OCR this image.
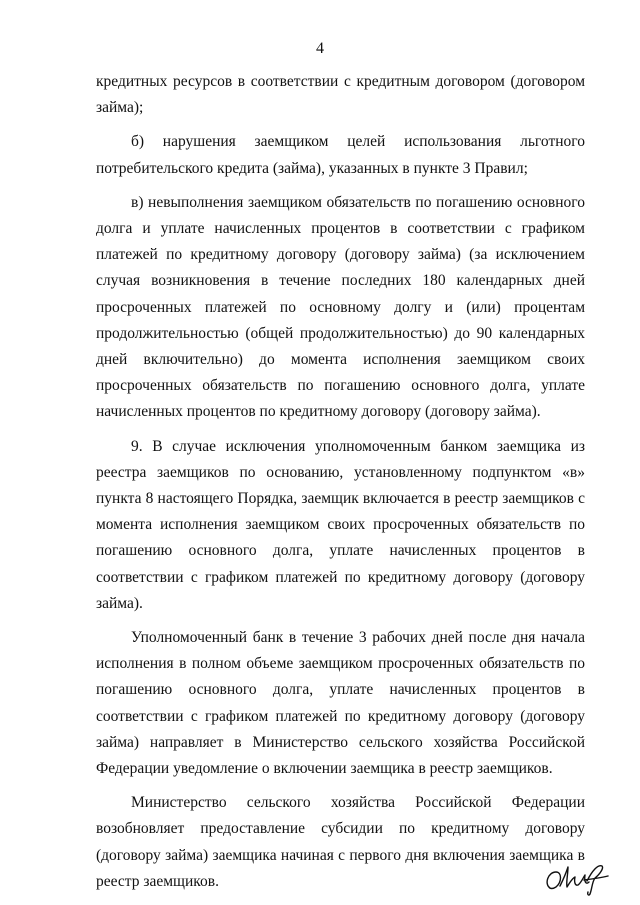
4

кредитных ресурсов в соответствии с кредитным договором (договором займа);

б) нарушения заемщиком целей использования льготного потребительского кредита (займа), указанных в пункте 3 Правил;

в) невыполнения заемщиком обязательств по погашению основного долга и уплате начисленных процентов в соответствии с графиком платежей по кредитному договору (договору займа) (за исключением случая возникновения в течение последних 180 календарных дней просроченных платежей по основному долгу и (или) процентам продолжительностью (общей продолжительностью) до 90 календарных дней включительно) до момента исполнения заемщиком своих просроченных обязательств по погашению основного долга, уплате начисленных процентов по кредитному договору (договору займа).

9. В случае исключения уполномоченным банком заемщика из реестра заемщиков по основанию, установленному подпунктом «в» пункта 8 настоящего Порядка, заемщик включается в реестр заемщиков с момента исполнения заемщиком своих просроченных обязательств по погашению основного долга, уплате начисленных процентов в соответствии с графиком платежей по кредитному договору (договору займа).

Уполномоченный банк в течение 3 рабочих дней после дня начала исполнения в полном объеме заемщиком просроченных обязательств по погашению основного долга, уплате начисленных процентов в соответствии с графиком платежей по кредитному договору (договору займа) направляет в Министерство сельского хозяйства Российской Федерации уведомление о включении заемщика в реестр заемщиков.

Министерство сельского хозяйства Российской Федерации возобновляет предоставление субсидии по кредитному договору (договору займа) заемщика начиная с первого дня включения заемщика в реестр заемщиков.
